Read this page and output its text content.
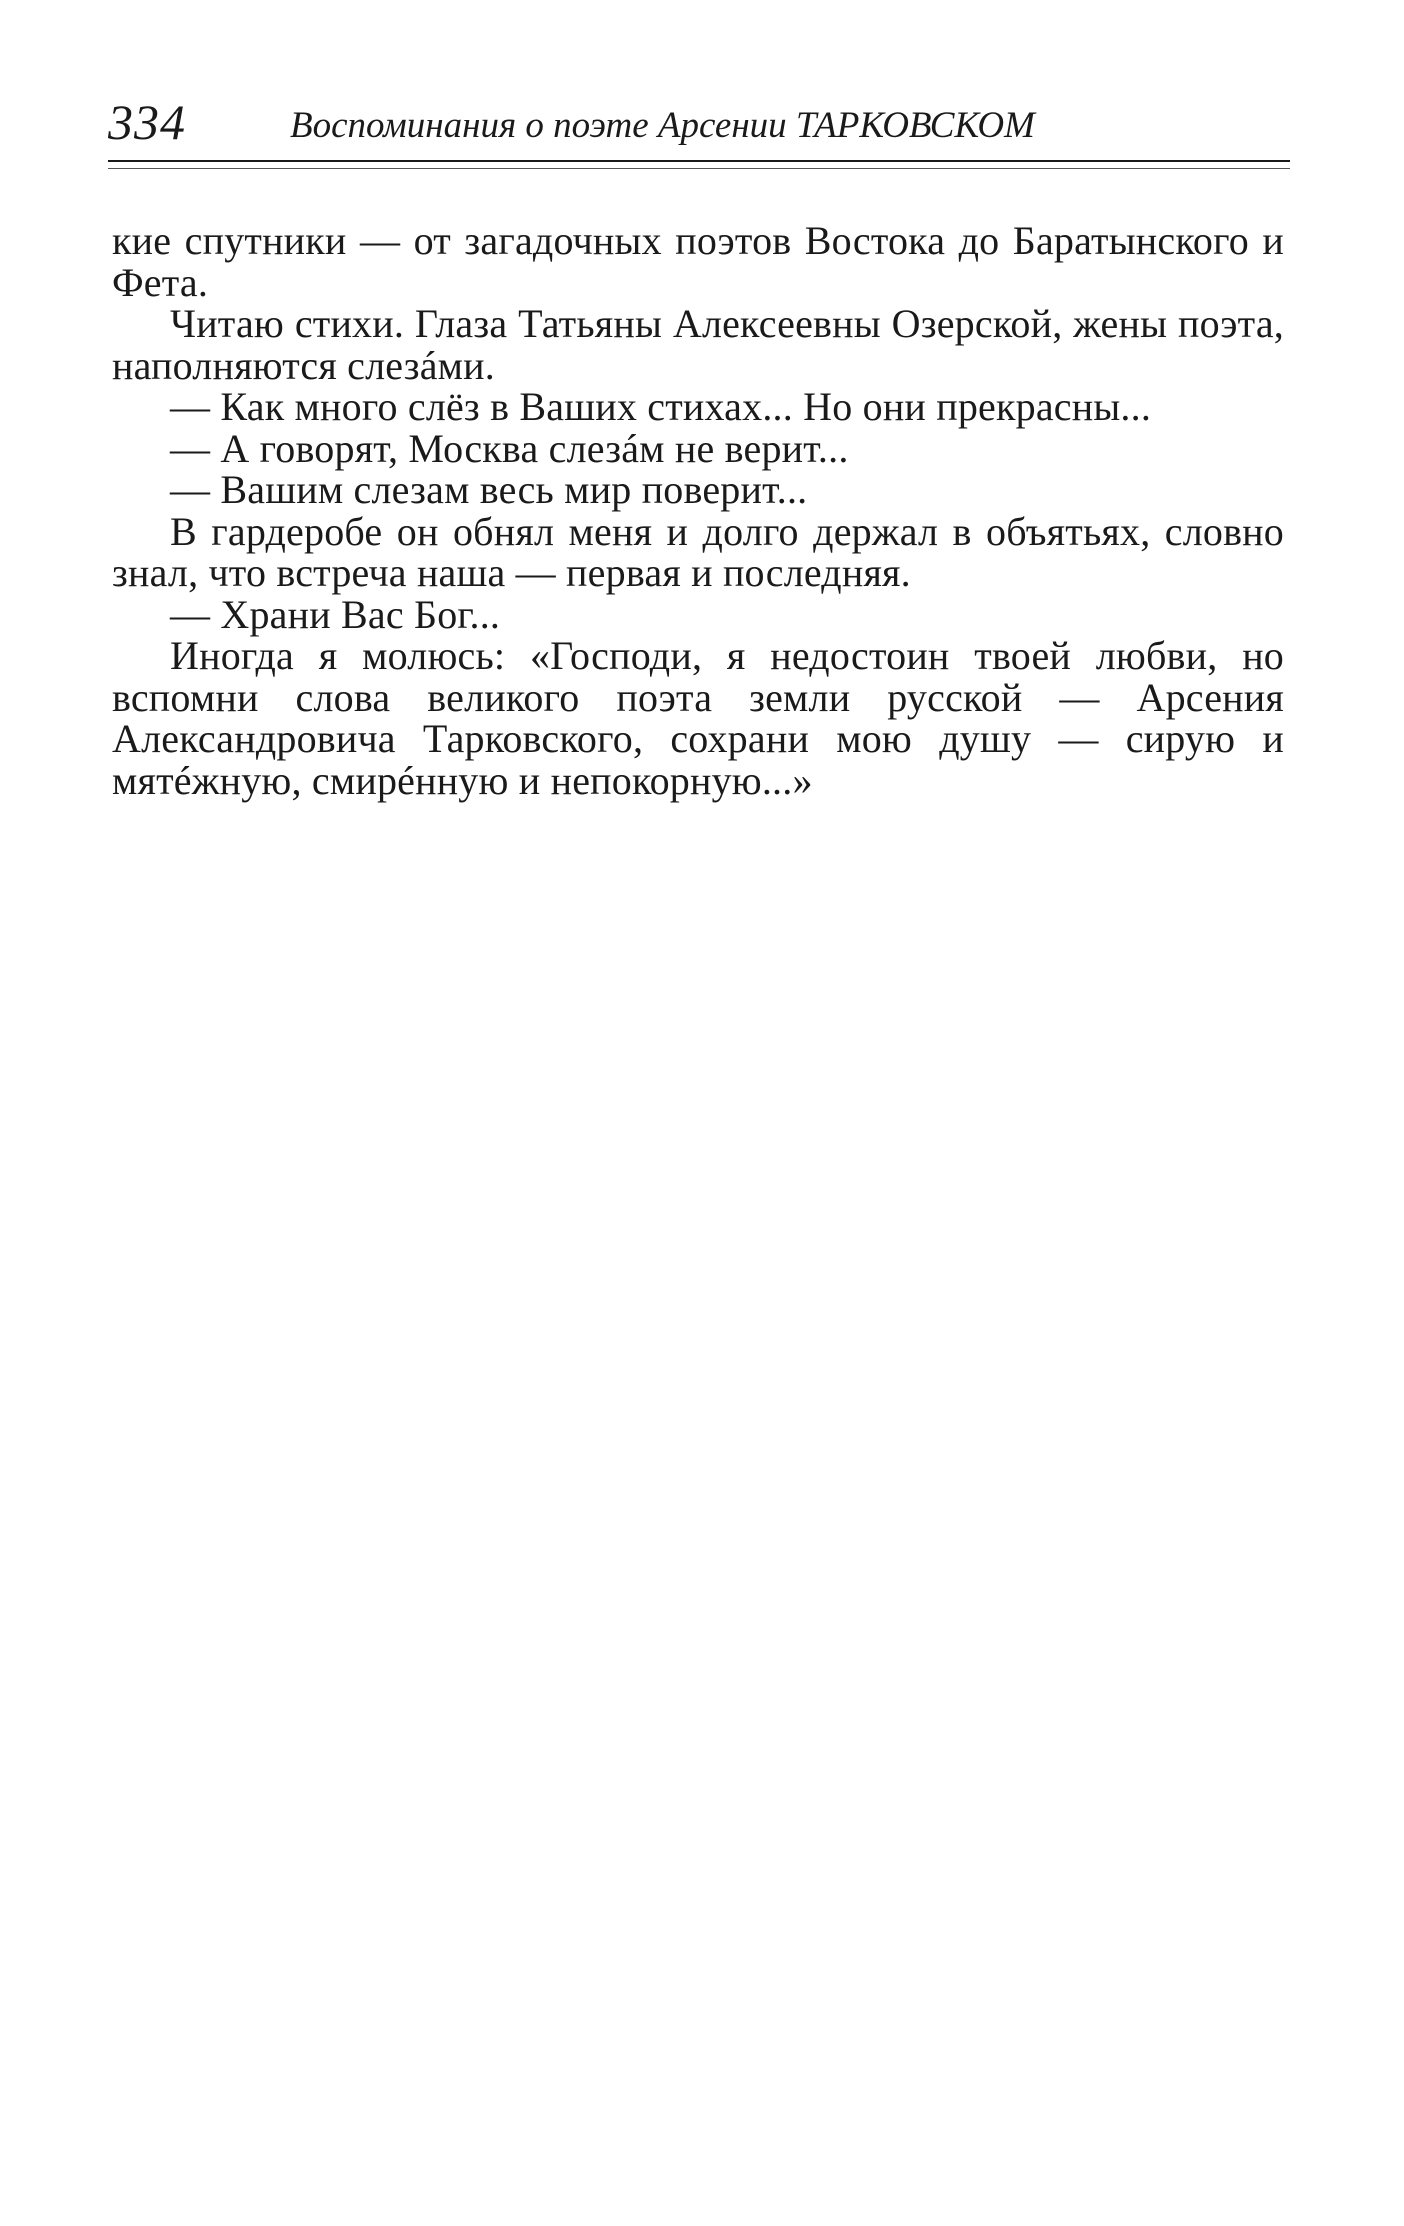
334	Воспоминания о поэте Арсении ТАРКОВСКОМ

кие спутники — от загадочных поэтов Востока до Баратынского и Фета.

Читаю стихи. Глаза Татьяны Алексеевны Озерской, жены поэта, наполняются слезáми.

— Как много слёз в Ваших стихах... Но они прекрасны...

— А говорят, Москва слезáм не верит...

— Вашим слезам весь мир поверит...

В гардеробе он обнял меня и долго держал в объятьях, словно знал, что встреча наша — первая и последняя.

— Храни Вас Бог...

Иногда я молюсь: «Господи, я недостоин твоей любви, но вспомни слова великого поэта земли русской — Арсения Александровича Тарковского, сохрани мою душу — сирую и мятéжную, смирéнную и непокорную...»
